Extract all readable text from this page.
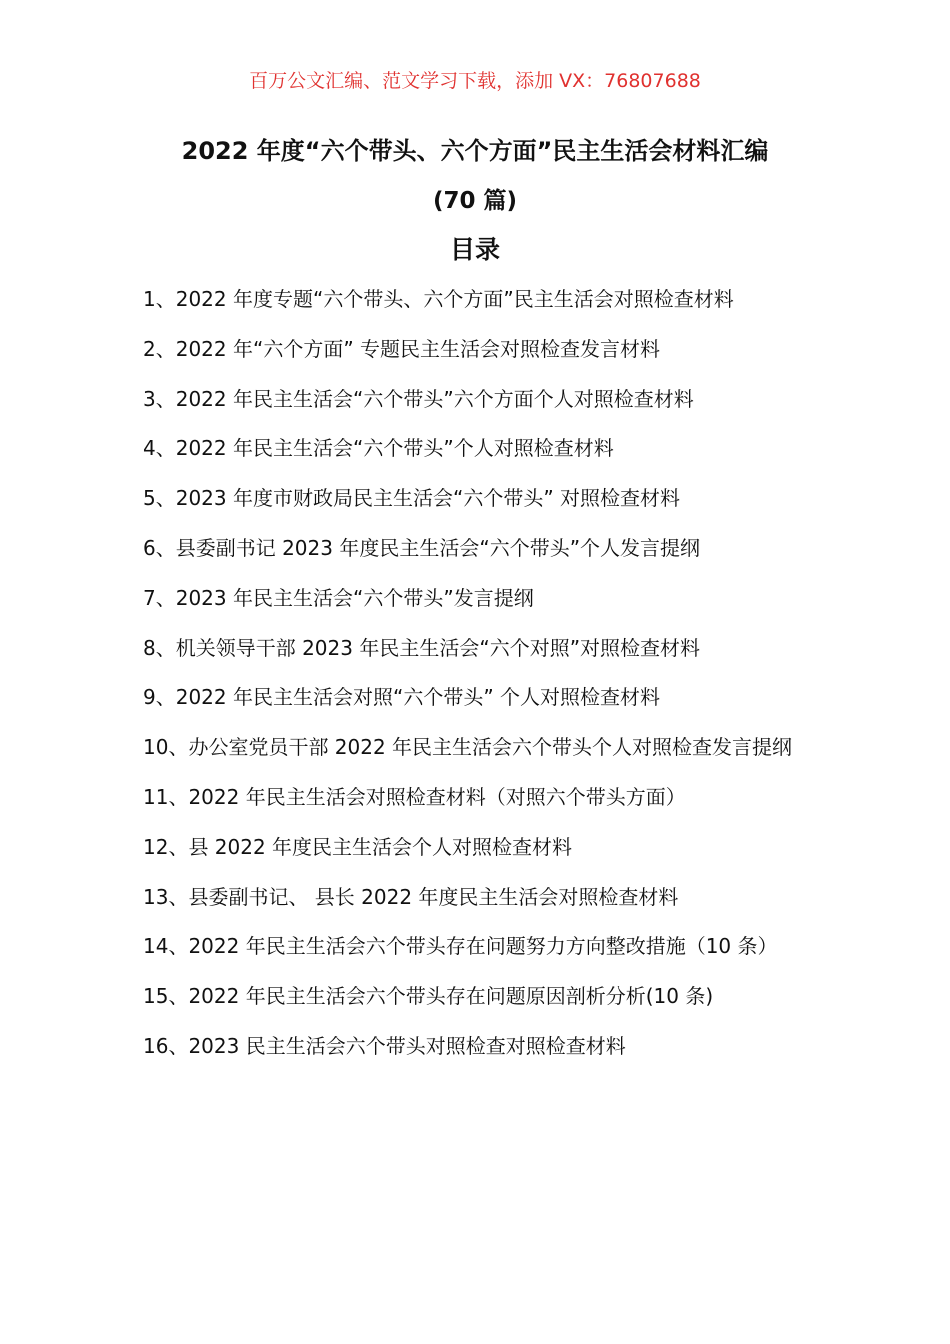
百万公文汇编、范文学习下载，添加 VX：76807688
2022 年度“六个带头、六个方面”民主生活会材料汇编
(70 篇)
目录
1、2022 年度专题“六个带头、六个方面”民主生活会对照检查材料
2、2022 年“六个方面” 专题民主生活会对照检查发言材料
3、2022 年民主生活会“六个带头”六个方面个人对照检查材料
4、2022 年民主生活会“六个带头”个人对照检查材料
5、2023 年度市财政局民主生活会“六个带头” 对照检查材料
6、县委副书记 2023 年度民主生活会“六个带头”个人发言提纲
7、2023 年民主生活会“六个带头”发言提纲
8、机关领导干部 2023 年民主生活会“六个对照”对照检查材料
9、2022 年民主生活会对照“六个带头” 个人对照检查材料
10、办公室党员干部 2022 年民主生活会六个带头个人对照检查发言提纲
11、2022 年民主生活会对照检查材料（对照六个带头方面）
12、县 2022 年度民主生活会个人对照检查材料
13、县委副书记、 县长 2022 年度民主生活会对照检查材料
14、2022 年民主生活会六个带头存在问题努力方向整改措施（10 条）
15、2022 年民主生活会六个带头存在问题原因剖析分析(10 条)
16、2023 民主生活会六个带头对照检查对照检查材料
